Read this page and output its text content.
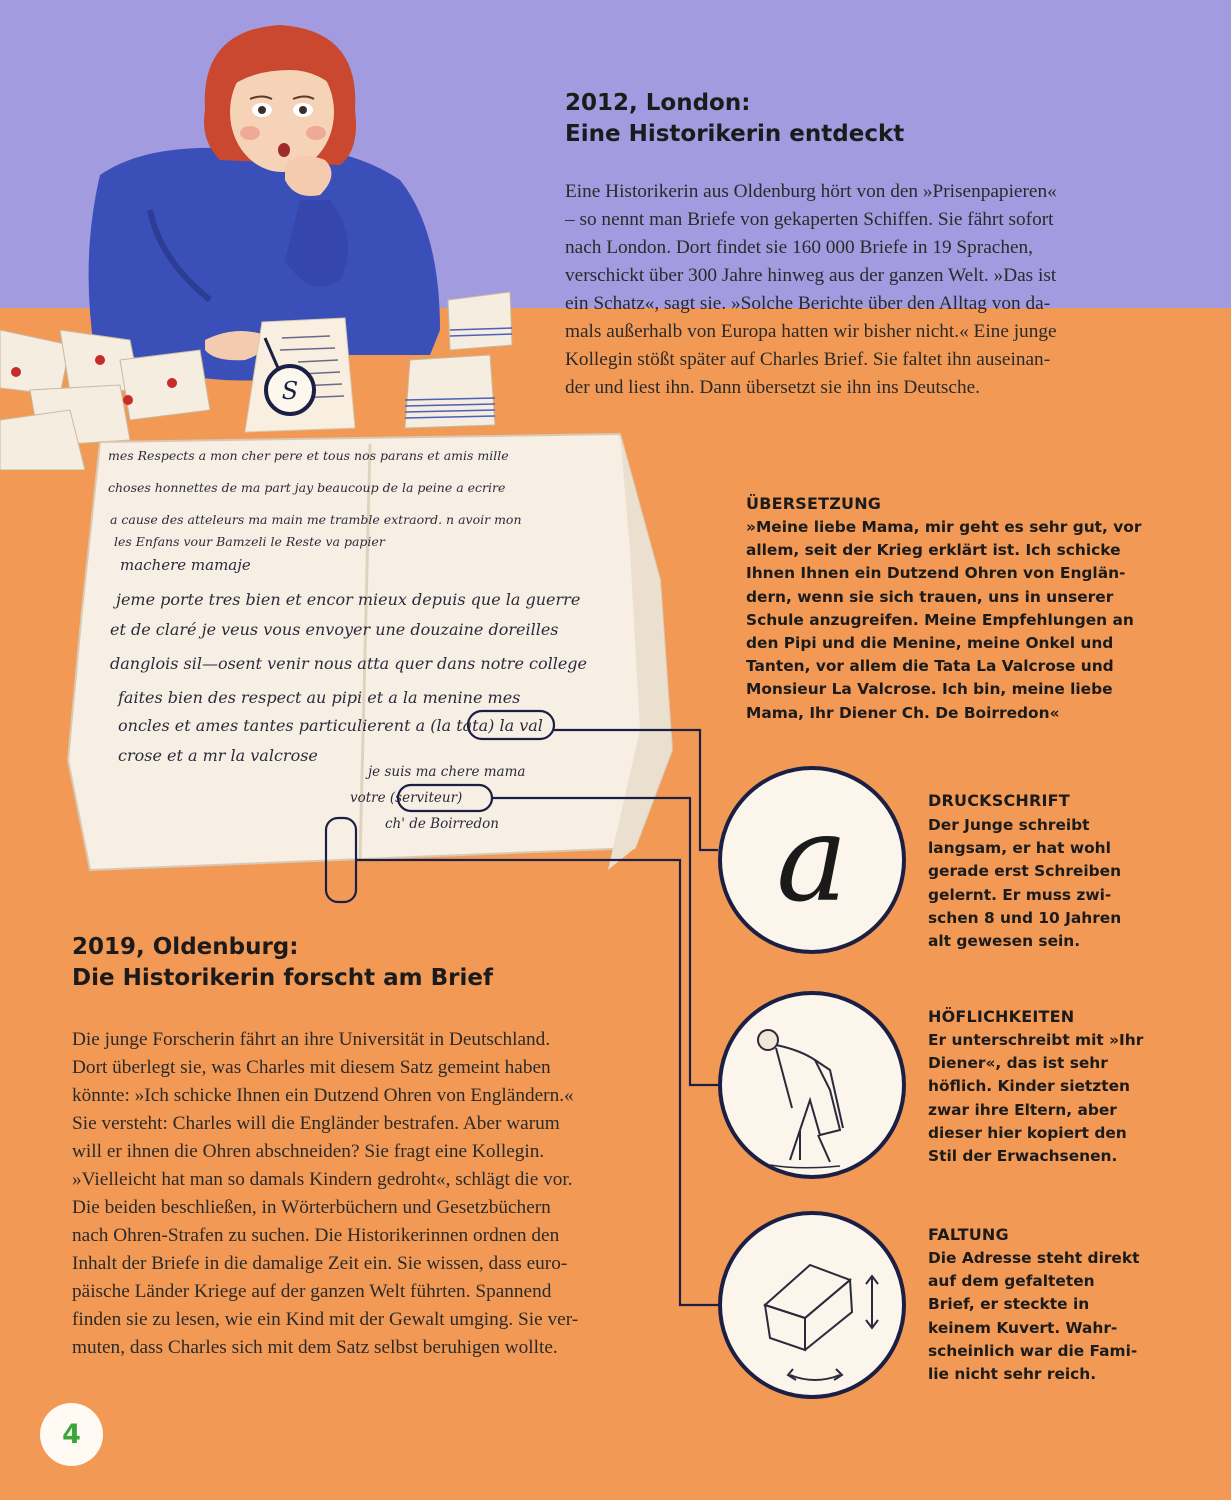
S
2012, London:
Eine Historikerin entdeckt
Eine Historikerin aus Oldenburg hört von den »Prisenpapieren«
– so nennt man Briefe von gekaperten Schiffen. Sie fährt sofort
nach London. Dort findet sie 160 000 Briefe in 19 Sprachen,
verschickt über 300 Jahre hinweg aus der ganzen Welt. »Das ist
ein Schatz«, sagt sie. »Solche Berichte über den Alltag von da-
mals außerhalb von Europa hatten wir bisher nicht.« Eine junge
Kollegin stößt später auf Charles Brief. Sie faltet ihn auseinan-
der und liest ihn. Dann übersetzt sie ihn ins Deutsche.
mes Respects a mon cher pere et tous nos parans et amis mille
choses honnettes de ma part jay beaucoup de la peine a ecrire
a cause des atteleurs ma main me tramble extraord. n avoir mon
les Enfans vour Bamzeli le Reste va papier
machere mamaje
jeme porte tres bien et encor mieux depuis que la guerre
et de claré je veus vous envoyer une douzaine doreilles
danglois sil—osent venir nous atta quer dans notre college
faites bien des respect au pipi et a la menine mes
oncles et ames tantes particulierent a (la tata) la val
crose et a mr la valcrose
je suis ma chere mama
votre (serviteur)
ch' de Boirredon a
ÜBERSETZUNG
»Meine liebe Mama, mir geht es sehr gut, vor
allem, seit der Krieg erklärt ist. Ich schicke
Ihnen Ihnen ein Dutzend Ohren von Englän-
dern, wenn sie sich trauen, uns in unserer
Schule anzugreifen. Meine Empfehlungen an
den Pipi und die Menine, meine Onkel und
Tanten, vor allem die Tata La Valcrose und
Monsieur La Valcrose. Ich bin, meine liebe
Mama, Ihr Diener Ch. De Boirredon«
DRUCKSCHRIFT
Der Junge schreibt
langsam, er hat wohl
gerade erst Schreiben
gelernt. Er muss zwi-
schen 8 und 10 Jahren
alt gewesen sein.
HÖFLICHKEITEN
Er unterschreibt mit »Ihr
Diener«, das ist sehr
höflich. Kinder sietzten
zwar ihre Eltern, aber
dieser hier kopiert den
Stil der Erwachsenen.
FALTUNG
Die Adresse steht direkt
auf dem gefalteten
Brief, er steckte in
keinem Kuvert. Wahr-
scheinlich war die Fami-
lie nicht sehr reich.
2019, Oldenburg:
Die Historikerin forscht am Brief
Die junge Forscherin fährt an ihre Universität in Deutschland.
Dort überlegt sie, was Charles mit diesem Satz gemeint haben
könnte: »Ich schicke Ihnen ein Dutzend Ohren von Engländern.«
Sie versteht: Charles will die Engländer bestrafen. Aber warum
will er ihnen die Ohren abschneiden? Sie fragt eine Kollegin.
»Vielleicht hat man so damals Kindern gedroht«, schlägt die vor.
Die beiden beschließen, in Wörterbüchern und Gesetzbüchern
nach Ohren-Strafen zu suchen. Die Historikerinnen ordnen den
Inhalt der Briefe in die damalige Zeit ein. Sie wissen, dass euro-
päische Länder Kriege auf der ganzen Welt führten. Spannend
finden sie zu lesen, wie ein Kind mit der Gewalt umging. Sie ver-
muten, dass Charles sich mit dem Satz selbst beruhigen wollte.
4
